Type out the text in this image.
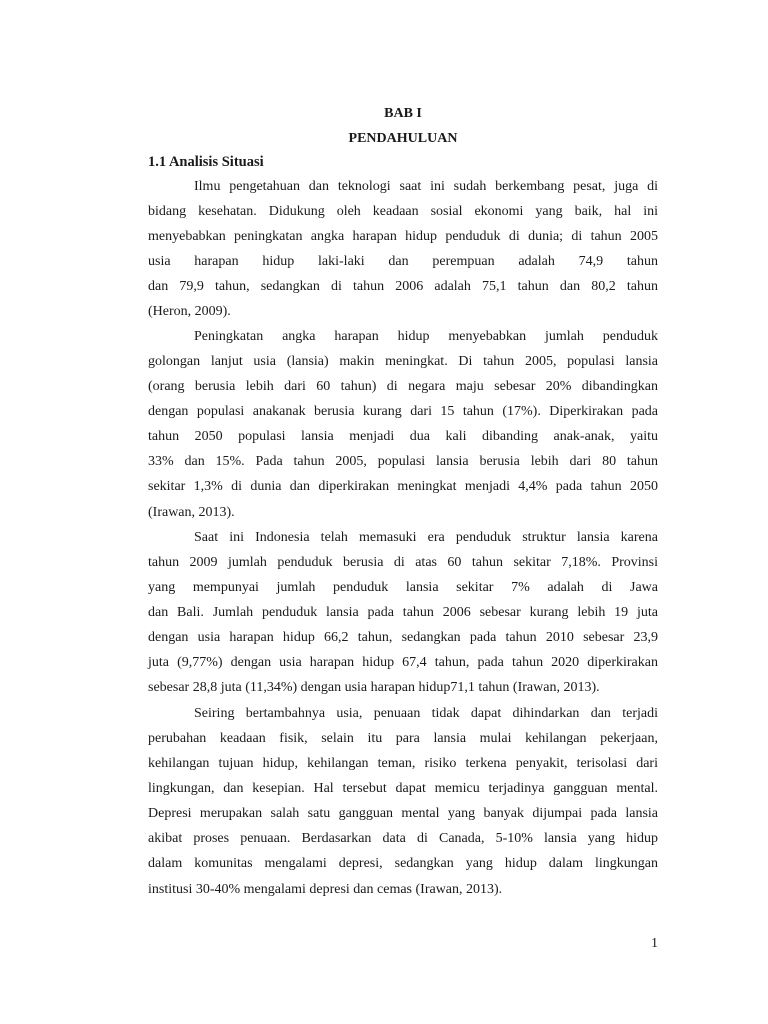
BAB I

PENDAHULUAN

1.1 Analisis Situasi

Ilmu pengetahuan dan teknologi saat ini sudah berkembang pesat, juga di

bidang kesehatan. Didukung oleh keadaan sosial ekonomi yang baik, hal ini

menyebabkan peningkatan angka harapan hidup penduduk di dunia; di tahun 2005

usia harapan hidup laki-laki dan perempuan adalah 74,9 tahun

dan 79,9 tahun, sedangkan di tahun 2006 adalah 75,1 tahun dan 80,2 tahun

(Heron, 2009).

Peningkatan angka harapan hidup menyebabkan jumlah penduduk

golongan lanjut usia (lansia) makin meningkat. Di tahun 2005, populasi lansia

(orang berusia lebih dari 60 tahun) di negara maju sebesar 20% dibandingkan

dengan populasi anakanak berusia kurang dari 15 tahun (17%). Diperkirakan pada

tahun 2050 populasi lansia menjadi dua kali dibanding anak-anak, yaitu

33% dan 15%. Pada tahun 2005, populasi lansia berusia lebih dari 80 tahun

sekitar 1,3% di dunia dan diperkirakan meningkat menjadi 4,4% pada tahun 2050

(Irawan, 2013).

Saat ini Indonesia telah memasuki era penduduk struktur lansia karena

tahun 2009 jumlah penduduk berusia di atas 60 tahun sekitar 7,18%. Provinsi

yang mempunyai jumlah penduduk lansia sekitar 7% adalah di Jawa

dan Bali. Jumlah penduduk lansia pada tahun 2006 sebesar kurang lebih 19 juta

dengan usia harapan hidup 66,2 tahun, sedangkan pada tahun 2010 sebesar 23,9

juta (9,77%) dengan usia harapan hidup 67,4 tahun, pada tahun 2020 diperkirakan

sebesar 28,8 juta (11,34%) dengan usia harapan hidup71,1 tahun (Irawan, 2013).

Seiring bertambahnya usia, penuaan tidak dapat dihindarkan dan terjadi

perubahan keadaan fisik, selain itu para lansia mulai kehilangan pekerjaan,

kehilangan tujuan hidup, kehilangan teman, risiko terkena penyakit, terisolasi dari

lingkungan, dan kesepian. Hal tersebut dapat memicu terjadinya gangguan mental.

Depresi merupakan salah satu gangguan mental yang banyak dijumpai pada lansia

akibat proses penuaan. Berdasarkan data di Canada, 5-10% lansia yang hidup

dalam komunitas mengalami depresi, sedangkan yang hidup dalam lingkungan

institusi 30-40% mengalami depresi dan cemas (Irawan, 2013).

1
